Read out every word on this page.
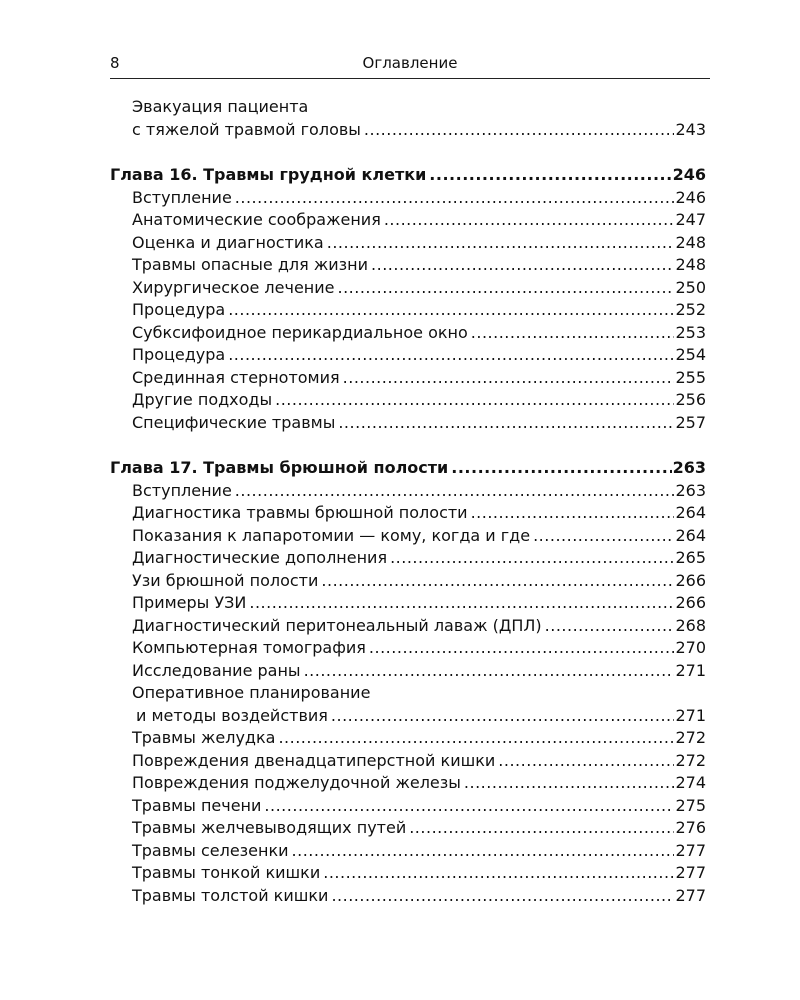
8	Оглавление
Эвакуация пациента
с тяжелой травмой головы .....	243
Глава 16. Травмы грудной клетки .....	246
Вступление .....	246
Анатомические соображения .....	247
Оценка и диагностика .....	248
Травмы опасные для жизни .....	248
Хирургическое лечение .....	250
Процедура .....	252
Субксифоидное перикардиальное окно .....	253
Процедура .....	254
Срединная стернотомия .....	255
Другие подходы .....	256
Специфические травмы .....	257
Глава 17. Травмы брюшной полости .....	263
Вступление .....	263
Диагностика травмы брюшной полости .....	264
Показания к лапаротомии — кому, когда и где .....	264
Диагностические дополнения .....	265
Узи брюшной полости .....	266
Примеры УЗИ .....	266
Диагностический перитонеальный лаваж (ДПЛ) .....	268
Компьютерная томография .....	270
Исследование раны .....	271
Оперативное планирование
и методы воздействия .....	271
Травмы желудка .....	272
Повреждения двенадцатиперстной кишки .....	272
Повреждения поджелудочной железы .....	274
Травмы печени .....	275
Травмы желчевыводящих путей .....	276
Травмы селезенки .....	277
Травмы тонкой кишки .....	277
Травмы толстой кишки .....	277
